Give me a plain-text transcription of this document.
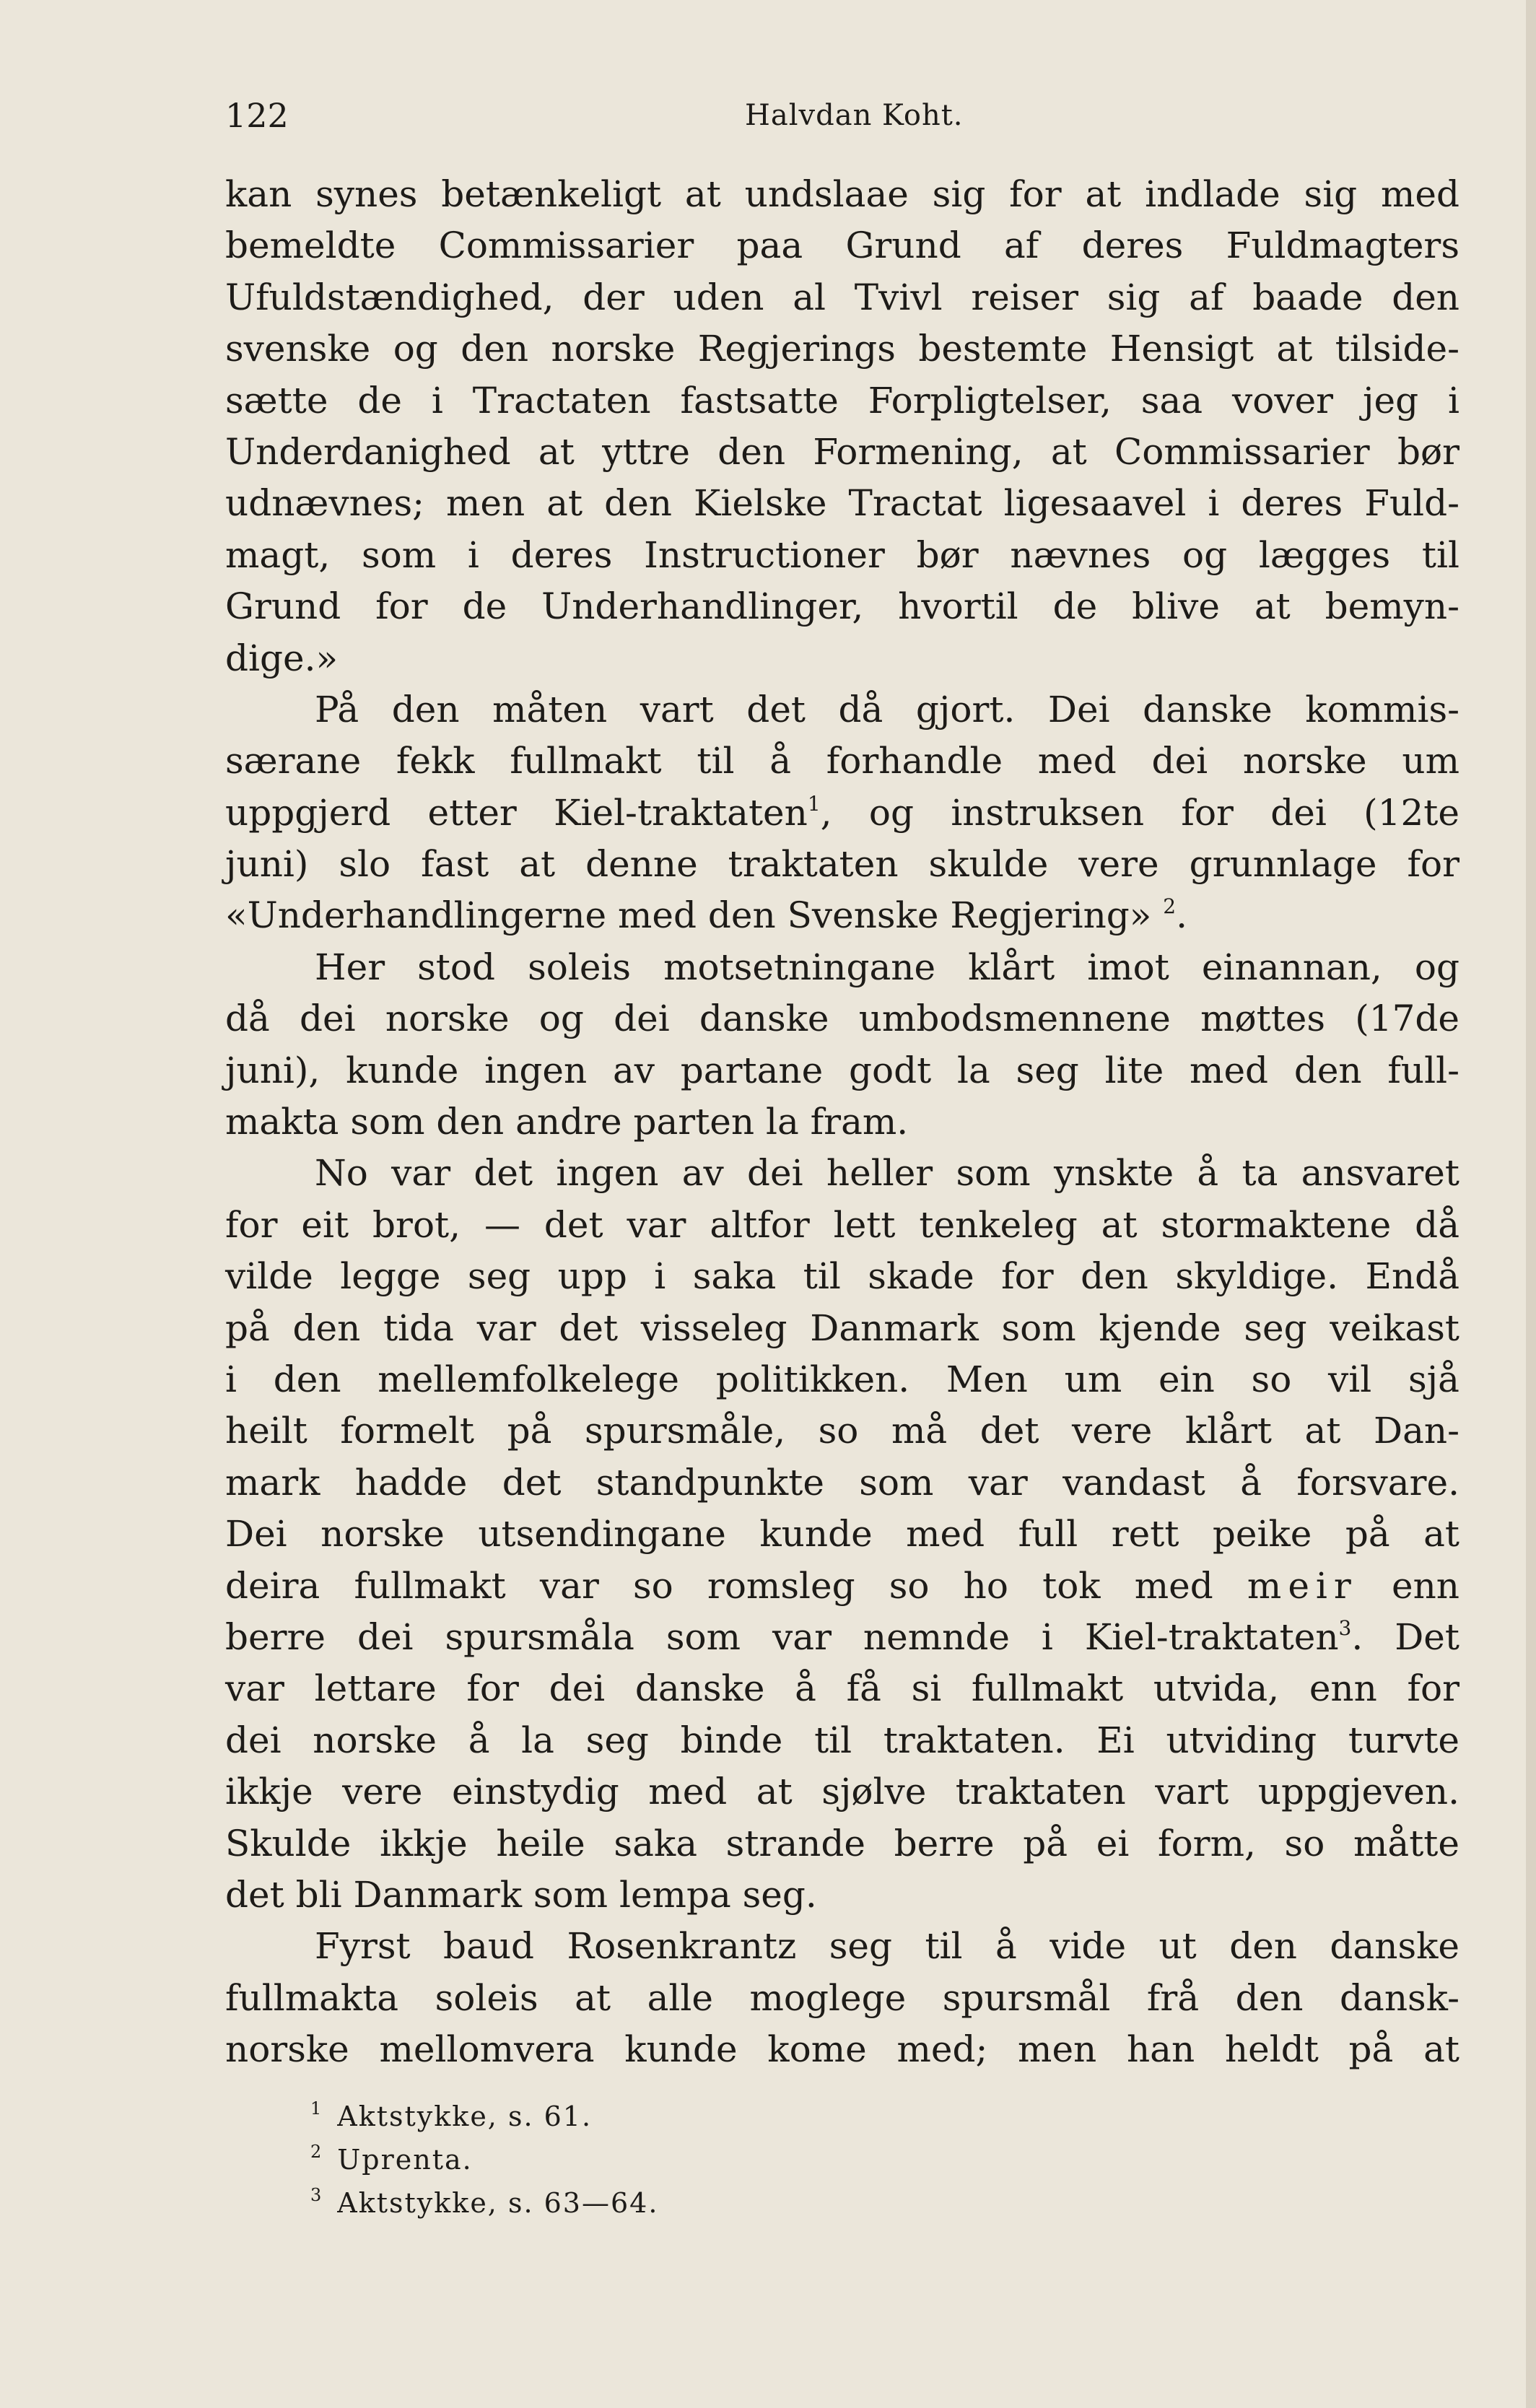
122	Halvdan Koht.
kan synes betænkeligt at undslaae sig for at indlade sig med
bemeldte Commissarier paa Grund af deres Fuldmagters
Ufuldstændighed, der uden al Tvivl reiser sig af baade den
svenske og den norske Regjerings bestemte Hensigt at tilside-
sætte de i Tractaten fastsatte Forpligtelser, saa vover jeg i
Underdanighed at yttre den Formening, at Commissarier bør
udnævnes; men at den Kielske Tractat ligesaavel i deres Fuld-
magt, som i deres Instructioner bør nævnes og lægges til
Grund for de Underhandlinger, hvortil de blive at bemyn-
dige.»
På den måten vart det då gjort. Dei danske kommis-
særane fekk fullmakt til å forhandle med dei norske um
uppgjerd etter Kiel-traktaten$^1$, og instruksen for dei (12te
juni) slo fast at denne traktaten skulde vere grunnlage for
«Underhandlingerne med den Svenske Regjering» $^2$.
Her stod soleis motsetningane klårt imot einannan, og
då dei norske og dei danske umbodsmennene møttes (17de
juni), kunde ingen av partane godt la seg lite med den full-
makta som den andre parten la fram.
No var det ingen av dei heller som ynskte å ta ansvaret
for eit brot, — det var altfor lett tenkeleg at stormaktene då
vilde legge seg upp i saka til skade for den skyldige. Endå
på den tida var det visseleg Danmark som kjende seg veikast
i den mellemfolkelege politikken. Men um ein so vil sjå
heilt formelt på spursmåle, so må det vere klårt at Dan-
mark hadde det standpunkte som var vandast å forsvare.
Dei norske utsendingane kunde med full rett peike på at
deira fullmakt var so romsleg so ho tok med meir enn
berre dei spursmåla som var nemnde i Kiel-traktaten$^3$. Det
var lettare for dei danske å få si fullmakt utvida, enn for
dei norske å la seg binde til traktaten. Ei utviding turvte
ikkje vere einstydig med at sjølve traktaten vart uppgjeven.
Skulde ikkje heile saka strande berre på ei form, so måtte
det bli Danmark som lempa seg.
Fyrst baud Rosenkrantz seg til å vide ut den danske
fullmakta soleis at alle moglege spursmål frå den dansk-
norske mellomvera kunde kome med; men han heldt på at
$^1$ Aktstykke, s. 61.
$^2$ Uprenta.
$^3$ Aktstykke, s. 63—64.
